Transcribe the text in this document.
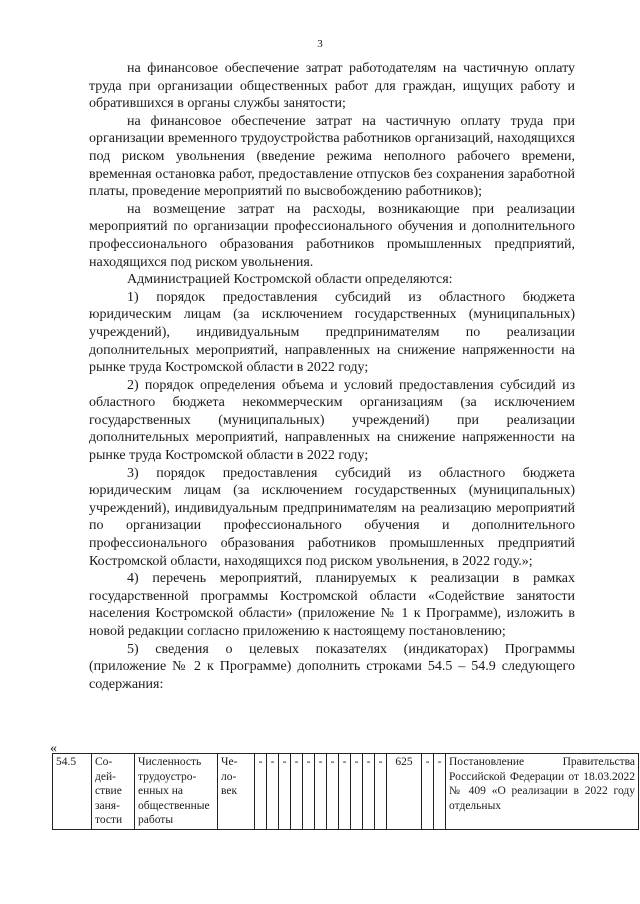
3

на финансовое обеспечение затрат работодателям на частичную оплату труда при организации общественных работ для граждан, ищущих работу и обратившихся в органы службы занятости;

на финансовое обеспечение затрат на частичную оплату труда при организации временного трудоустройства работников организаций, находящихся под риском увольнения (введение режима неполного рабочего времени, временная остановка работ, предоставление отпусков без сохранения заработной платы, проведение мероприятий по высвобождению работников);

на возмещение затрат на расходы, возникающие при реализации мероприятий по организации профессионального обучения и дополнительного профессионального образования работников промышленных предприятий, находящихся под риском увольнения.

Администрацией Костромской области определяются:

1) порядок предоставления субсидий из областного бюджета юридическим лицам (за исключением государственных (муниципальных) учреждений), индивидуальным предпринимателям по реализации дополнительных мероприятий, направленных на снижение напряженности на рынке труда Костромской области в 2022 году;

2) порядок определения объема и условий предоставления субсидий из областного бюджета некоммерческим организациям (за исключением государственных (муниципальных) учреждений) при реализации дополнительных мероприятий, направленных на снижение напряженности на рынке труда Костромской области в 2022 году;

3) порядок предоставления субсидий из областного бюджета юридическим лицам (за исключением государственных (муниципальных) учреждений), индивидуальным предпринимателям на реализацию мероприятий по организации профессионального обучения и дополнительного профессионального образования работников промышленных предприятий Костромской области, находящихся под риском увольнения, в 2022 году.»;

4) перечень мероприятий, планируемых к реализации в рамках государственной программы Костромской области «Содействие занятости населения Костромской области» (приложение № 1 к Программе), изложить в новой редакции согласно приложению к настоящему постановлению;

5) сведения о целевых показателях (индикаторах) Программы (приложение № 2 к Программе) дополнить строками 54.5 – 54.9 следующего содержания:

«
54.5	Со-дей-ствие заня-тости	Численность трудоустро-енных на общественные работы	Че-ло-век	-	-	-	-	-	-	-	-	-	-	-	625	-	-	Постановление Правительства Российской Федерации от 18.03.2022 № 409 «О реализации в 2022 году отдельных
